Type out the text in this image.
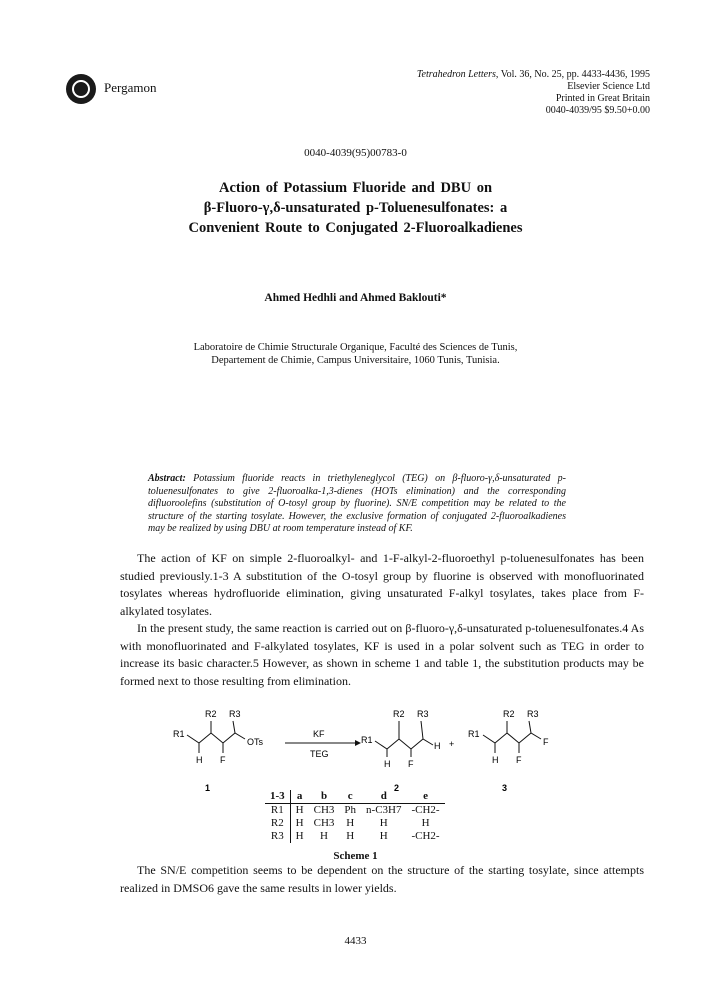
Pergamon
Tetrahedron Letters, Vol. 36, No. 25, pp. 4433-4436, 1995
Elsevier Science Ltd
Printed in Great Britain
0040-4039/95 $9.50+0.00
0040-4039(95)00783-0
Action of Potassium Fluoride and DBU on
β-Fluoro-γ,δ-unsaturated p-Toluenesulfonates: a
Convenient Route to Conjugated 2-Fluoroalkadienes
Ahmed Hedhli and Ahmed Baklouti*
Laboratoire de Chimie Structurale Organique, Faculté des Sciences de Tunis,
Departement de Chimie, Campus Universitaire, 1060 Tunis, Tunisia.
Abstract: Potassium fluoride reacts in triethyleneglycol (TEG) on β-fluoro-γ,δ-unsaturated p-toluenesulfonates to give 2-fluoroalka-1,3-dienes (HOTs elimination) and the corresponding difluoroolefins (substitution of O-tosyl group by fluorine). SN/E competition may be related to the structure of the starting tosylate. However, the exclusive formation of conjugated 2-fluoroalkadienes may be realized by using DBU at room temperature instead of KF.
The action of KF on simple 2-fluoroalkyl- and 1-F-alkyl-2-fluoroethyl p-toluenesulfonates has been studied previously.1-3 A substitution of the O-tosyl group by fluorine is observed with monofluorinated tosylates whereas hydrofluoride elimination, giving unsaturated F-alkyl tosylates, takes place from F-alkylated tosylates.
In the present study, the same reaction is carried out on β-fluoro-γ,δ-unsaturated p-toluenesulfonates.4 As with monofluorinated and F-alkylated tosylates, KF is used in a polar solvent such as TEG in order to increase its basic character.5 However, as shown in scheme 1 and table 1, the substitution products may be formed next to those resulting from elimination.
R2 R3
R1
OTs
H F
1
KF
TEG
R2 R3
R1
H
H F
2
+
R2 R3
R1
F
H F
3
1-3	a	b	c	d	e
R1	H	CH3	Ph	n-C3H7	-CH2-
R2	H	CH3	H	H	H
R3	H	H	H	H	-CH2-
Scheme 1
The SN/E competition seems to be dependent on the structure of the starting tosylate, since attempts realized in DMSO6 gave the same results in lower yields.
4433
